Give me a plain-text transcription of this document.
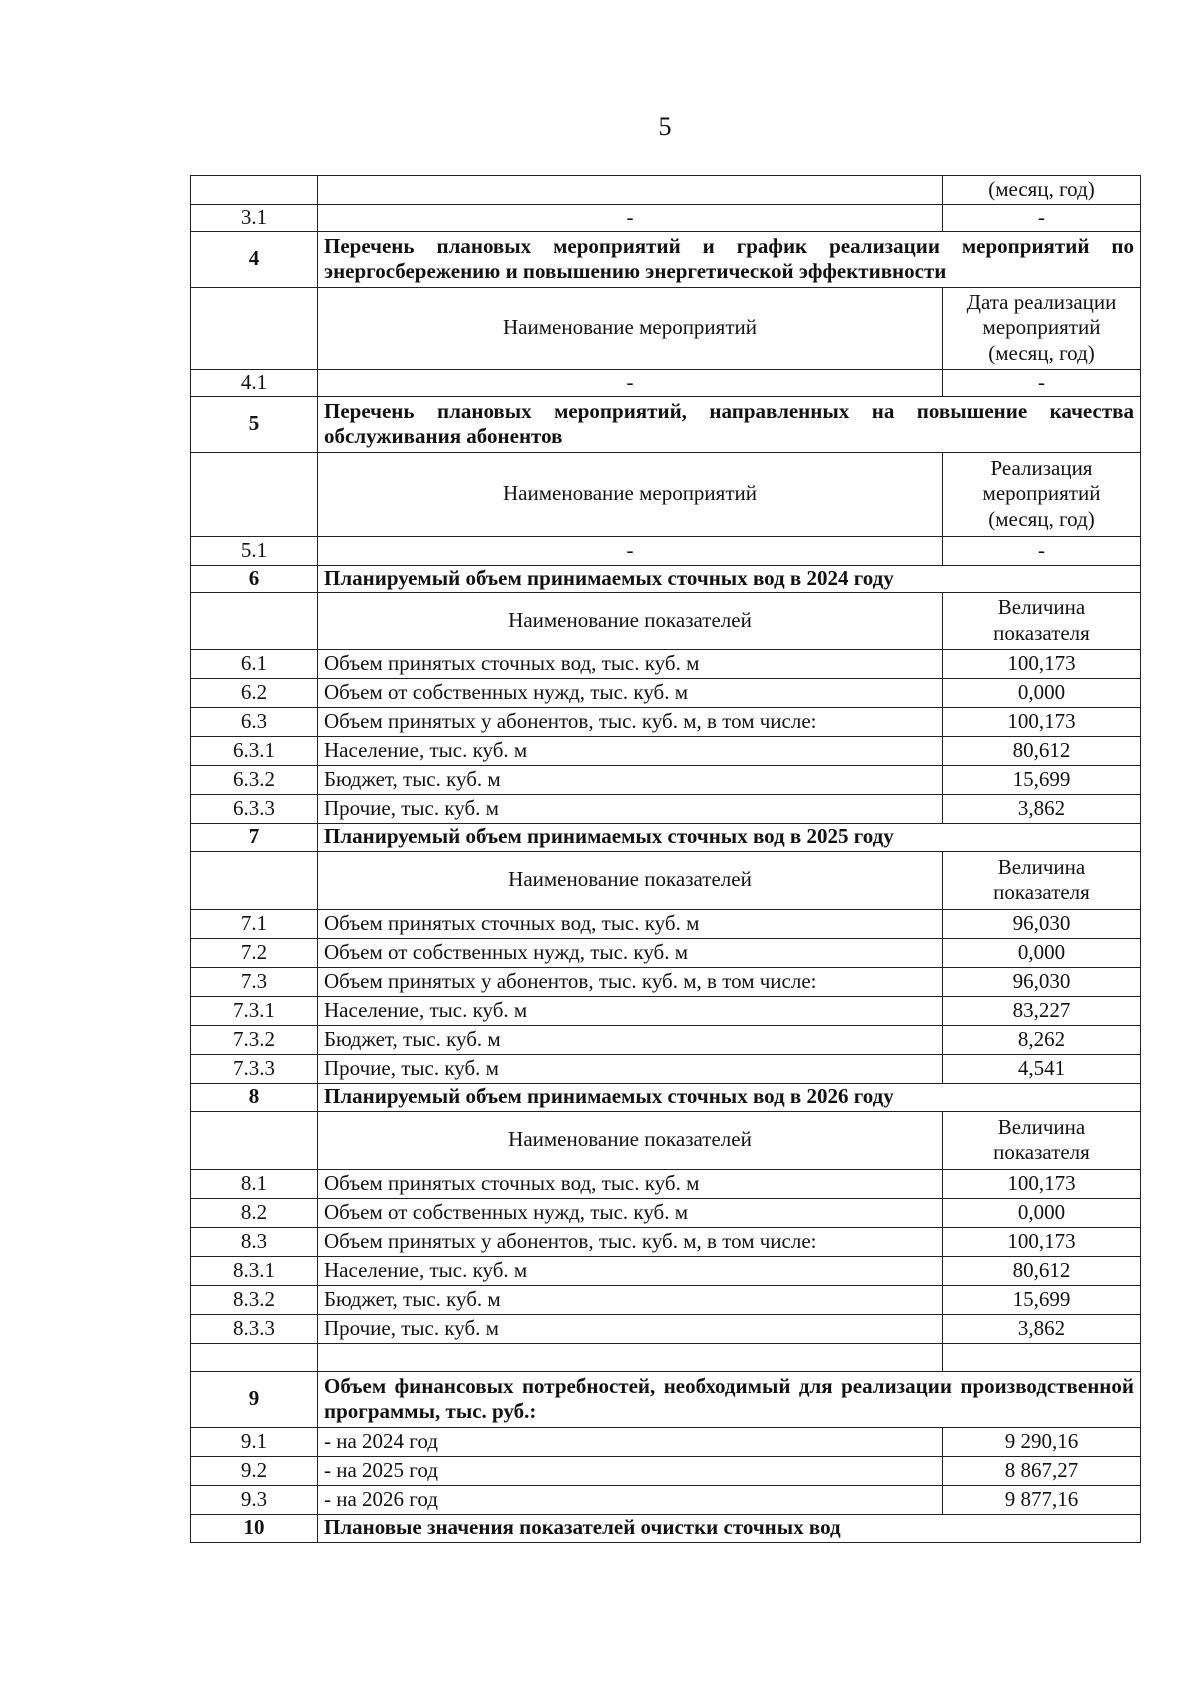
5
		(месяц, год)
3.1	-	-
4	Перечень плановых мероприятий и график реализации мероприятий по энергосбережению и повышению энергетической эффективности	
	Наименование мероприятий	Дата реализации мероприятий (месяц, год)
4.1	-	-
5	Перечень плановых мероприятий, направленных на повышение качества обслуживания абонентов	
	Наименование мероприятий	Реализация мероприятий (месяц, год)
5.1	-	-
6	Планируемый объем принимаемых сточных вод в 2024 году	
	Наименование показателей	Величина показателя
6.1	Объем принятых сточных вод, тыс. куб. м	100,173
6.2	Объем от собственных нужд, тыс. куб. м	0,000
6.3	Объем принятых у абонентов, тыс. куб. м, в том числе:	100,173
6.3.1	Население, тыс. куб. м	80,612
6.3.2	Бюджет, тыс. куб. м	15,699
6.3.3	Прочие, тыс. куб. м	3,862
7	Планируемый объем принимаемых сточных вод в 2025 году	
	Наименование показателей	Величина показателя
7.1	Объем принятых сточных вод, тыс. куб. м	96,030
7.2	Объем от собственных нужд, тыс. куб. м	0,000
7.3	Объем принятых у абонентов, тыс. куб. м, в том числе:	96,030
7.3.1	Население, тыс. куб. м	83,227
7.3.2	Бюджет, тыс. куб. м	8,262
7.3.3	Прочие, тыс. куб. м	4,541
8	Планируемый объем принимаемых сточных вод в 2026 году	
	Наименование показателей	Величина показателя
8.1	Объем принятых сточных вод, тыс. куб. м	100,173
8.2	Объем от собственных нужд, тыс. куб. м	0,000
8.3	Объем принятых у абонентов, тыс. куб. м, в том числе:	100,173
8.3.1	Население, тыс. куб. м	80,612
8.3.2	Бюджет, тыс. куб. м	15,699
8.3.3	Прочие, тыс. куб. м	3,862

9	Объем финансовых потребностей, необходимый для реализации производственной программы, тыс. руб.:	
9.1	- на 2024 год	9 290,16
9.2	- на 2025 год	8 867,27
9.3	- на 2026 год	9 877,16
10	Плановые значения показателей очистки сточных вод	
